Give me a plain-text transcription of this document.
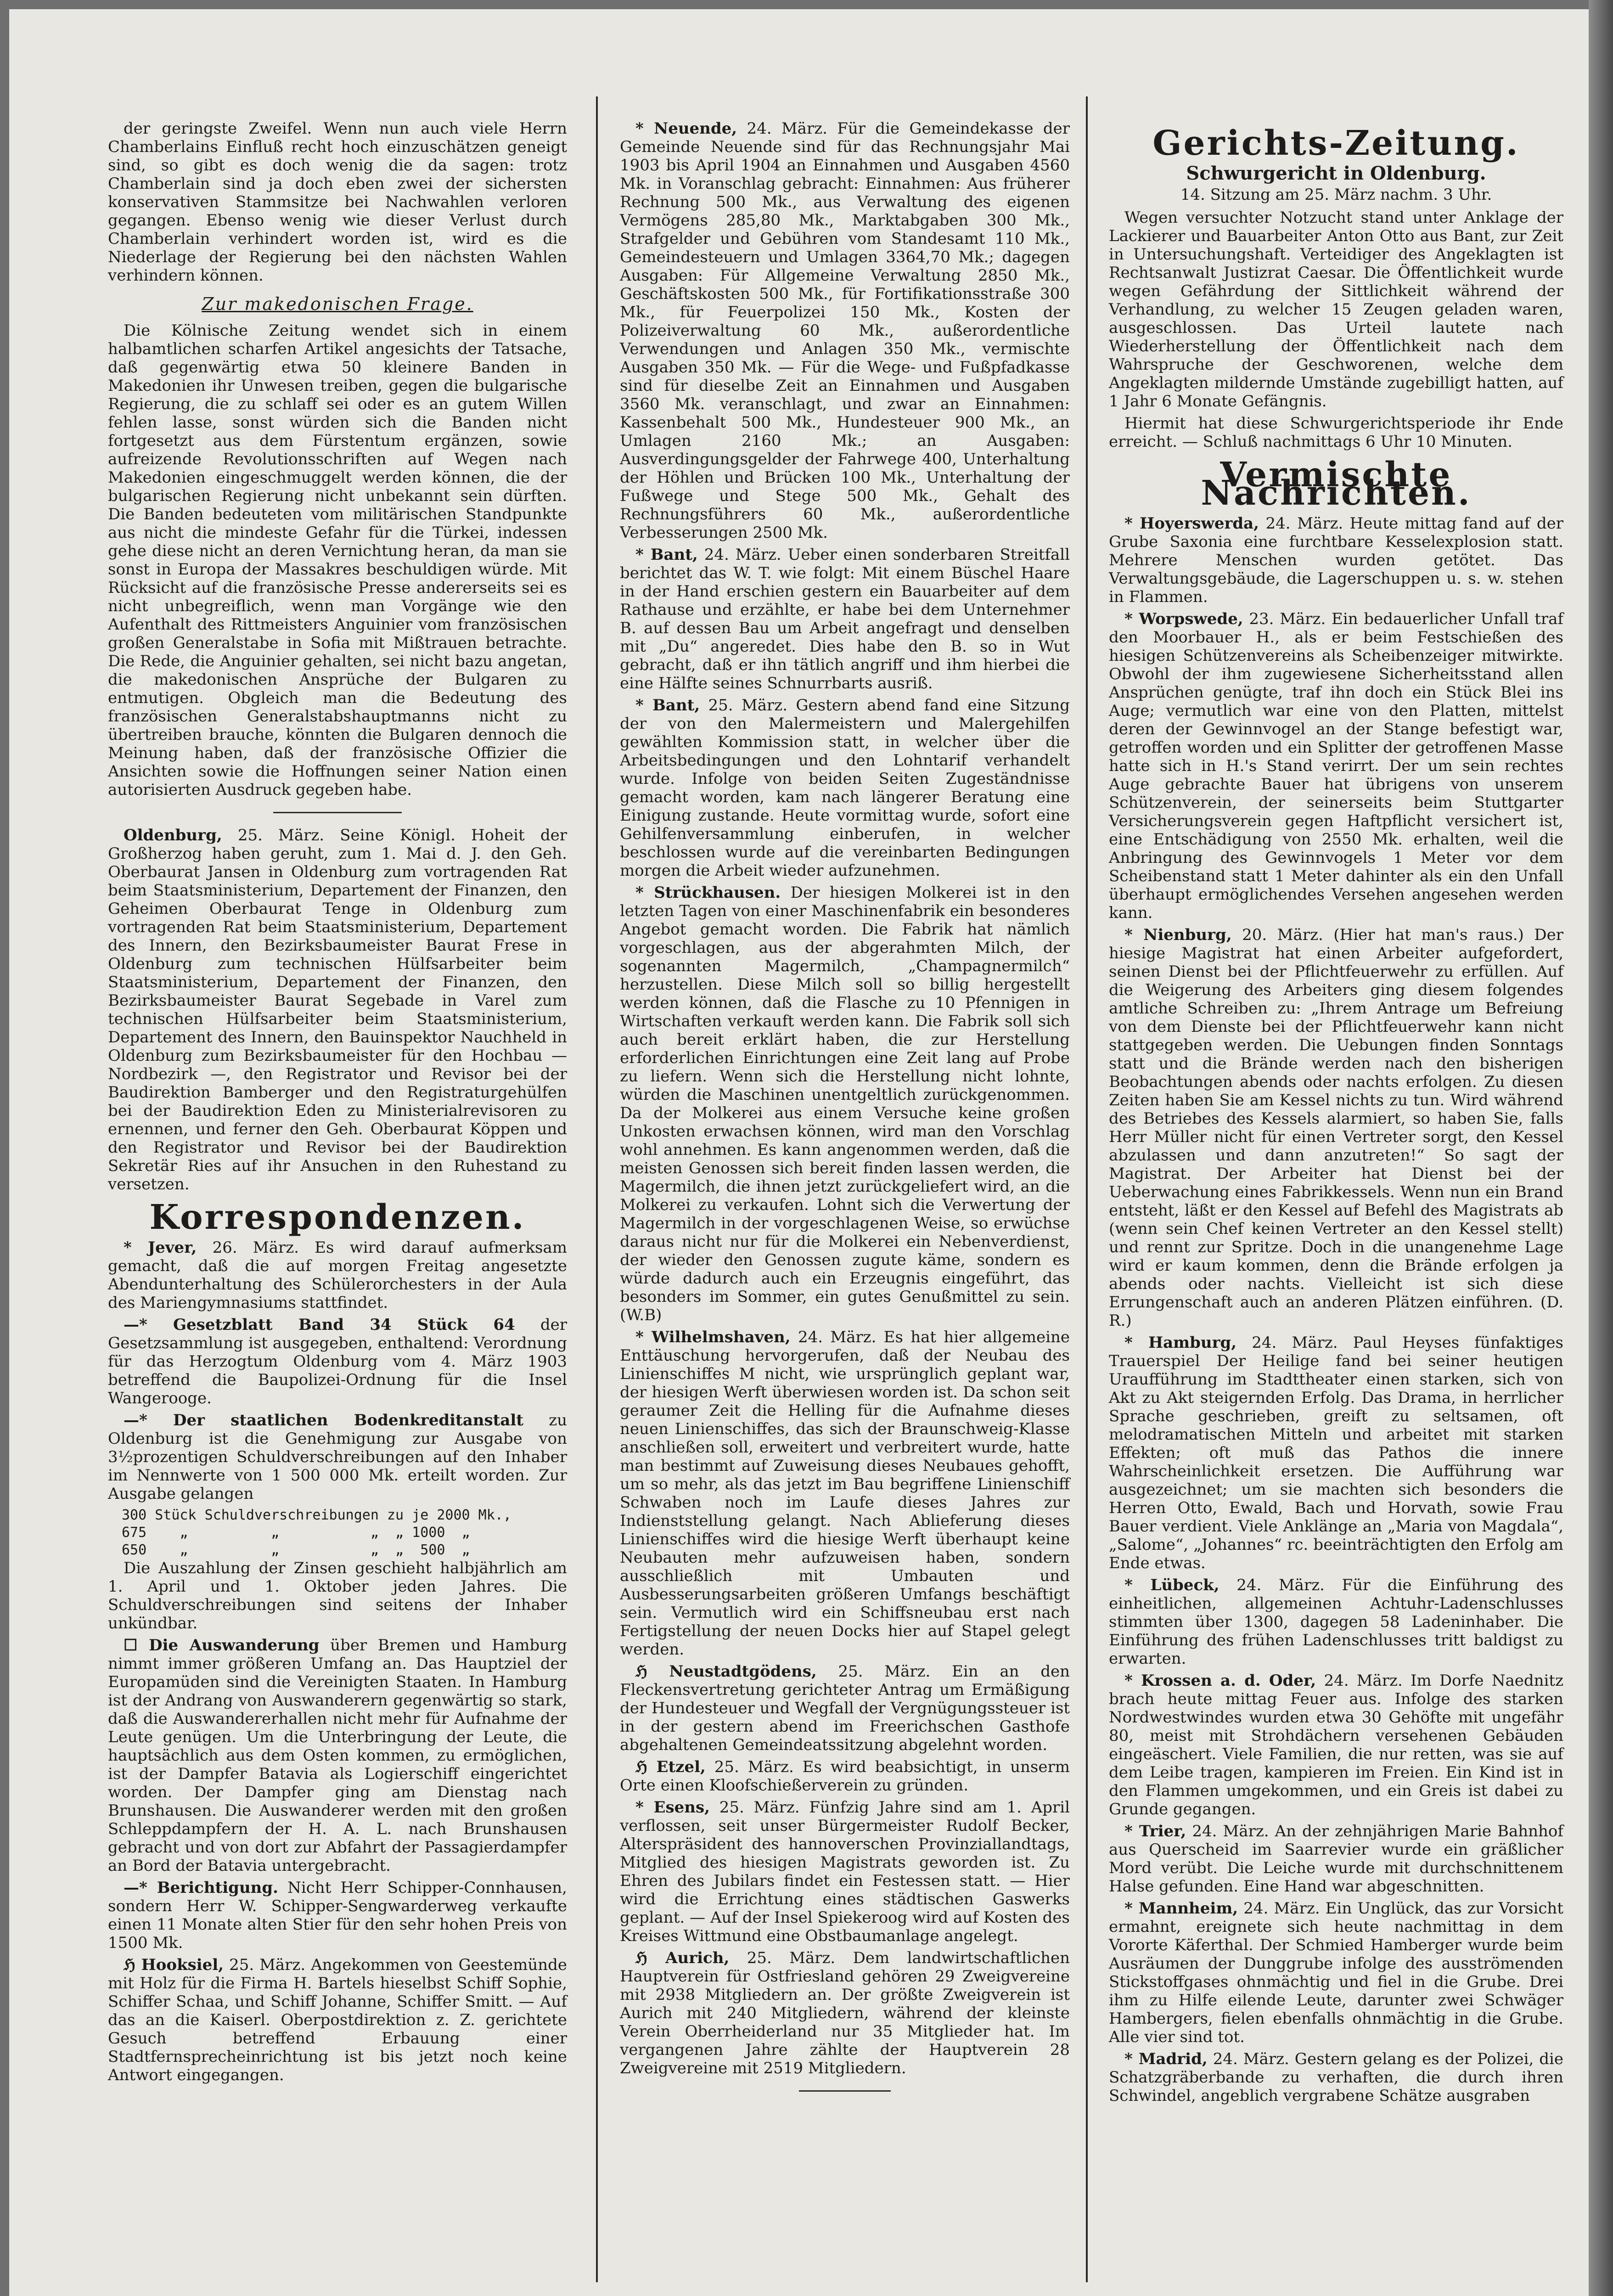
der geringste Zweifel. Wenn nun auch viele Herrn Chamberlains Einfluß recht hoch einzuschätzen geneigt sind, so gibt es doch wenig die da sagen: trotz Chamberlain sind ja doch eben zwei der sichersten konservativen Stammsitze bei Nachwahlen verloren gegangen. Ebenso wenig wie dieser Verlust durch Chamberlain verhindert worden ist, wird es die Niederlage der Regierung bei den nächsten Wahlen verhindern können.

Zur makedonischen Frage.

Die Kölnische Zeitung wendet sich in einem halbamtlichen scharfen Artikel angesichts der Tatsache, daß gegenwärtig etwa 50 kleinere Banden in Makedonien ihr Unwesen treiben, gegen die bulgarische Regierung, die zu schlaff sei oder es an gutem Willen fehlen lasse, sonst würden sich die Banden nicht fortgesetzt aus dem Fürstentum ergänzen, sowie aufreizende Revolutionsschriften auf Wegen nach Makedonien eingeschmuggelt werden können, die der bulgarischen Regierung nicht unbekannt sein dürften. Die Banden bedeuteten vom militärischen Standpunkte aus nicht die mindeste Gefahr für die Türkei, indessen gehe diese nicht an deren Vernichtung heran, da man sie sonst in Europa der Massakres beschuldigen würde. Mit Rücksicht auf die französische Presse andererseits sei es nicht unbegreiflich, wenn man Vorgänge wie den Aufenthalt des Rittmeisters Anguinier vom französischen großen Generalstabe in Sofia mit Mißtrauen betrachte. Die Rede, die Anguinier gehalten, sei nicht bazu angetan, die makedonischen Ansprüche der Bulgaren zu entmutigen. Obgleich man die Bedeutung des französischen Generalstabshauptmanns nicht zu übertreiben brauche, könnten die Bulgaren dennoch die Meinung haben, daß der französische Offizier die Ansichten sowie die Hoffnungen seiner Nation einen autorisierten Ausdruck gegeben habe.

Oldenburg, 25. März. Seine Königl. Hoheit der Großherzog haben geruht, zum 1. Mai d. J. den Geh. Oberbaurat Jansen in Oldenburg zum vortragenden Rat beim Staatsministerium, Departement der Finanzen, den Geheimen Oberbaurat Tenge in Oldenburg zum vortragenden Rat beim Staatsministerium, Departement des Innern, den Bezirksbaumeister Baurat Frese in Oldenburg zum technischen Hülfsarbeiter beim Staatsministerium, Departement der Finanzen, den Bezirksbaumeister Baurat Segebade in Varel zum technischen Hülfsarbeiter beim Staatsministerium, Departement des Innern, den Bauinspektor Nauchheld in Oldenburg zum Bezirksbaumeister für den Hochbau — Nordbezirk —, den Registrator und Revisor bei der Baudirektion Bamberger und den Registraturgehülfen bei der Baudirektion Eden zu Ministerialrevisoren zu ernennen, und ferner den Geh. Oberbaurat Köppen und den Registrator und Revisor bei der Baudirektion Sekretär Ries auf ihr Ansuchen in den Ruhestand zu versetzen.

Korrespondenzen.

* Jever, 26. März. Es wird darauf aufmerksam gemacht, daß die auf morgen Freitag angesetzte Abendunterhaltung des Schülerorchesters in der Aula des Mariengymnasiums stattfindet.

—* Gesetzblatt Band 34 Stück 64 der Gesetzsammlung ist ausgegeben, enthaltend: Verordnung für das Herzogtum Oldenburg vom 4. März 1903 betreffend die Baupolizei-Ordnung für die Insel Wangerooge.

—* Der staatlichen Bodenkreditanstalt zu Oldenburg ist die Genehmigung zur Ausgabe von 3½prozentigen Schuldverschreibungen auf den Inhaber im Nennwerte von 1 500 000 Mk. erteilt worden. Zur Ausgabe gelangen

300 Stück Schuldverschreibungen zu je 2000 Mk.,
675    „          „           „  „ 1000  „
650    „          „           „  „  500  „

Die Auszahlung der Zinsen geschieht halbjährlich am 1. April und 1. Oktober jeden Jahres. Die Schuldverschreibungen sind seitens der Inhaber unkündbar.

☐ Die Auswanderung über Bremen und Hamburg nimmt immer größeren Umfang an. Das Hauptziel der Europamüden sind die Vereinigten Staaten. In Hamburg ist der Andrang von Auswanderern gegenwärtig so stark, daß die Auswandererhallen nicht mehr für Aufnahme der Leute genügen. Um die Unterbringung der Leute, die hauptsächlich aus dem Osten kommen, zu ermöglichen, ist der Dampfer Batavia als Logierschiff eingerichtet worden. Der Dampfer ging am Dienstag nach Brunshausen. Die Auswanderer werden mit den großen Schleppdampfern der H. A. L. nach Brunshausen gebracht und von dort zur Abfahrt der Passagierdampfer an Bord der Batavia untergebracht.

—* Berichtigung. Nicht Herr Schipper-Connhausen, sondern Herr W. Schipper-Sengwarderweg verkaufte einen 11 Monate alten Stier für den sehr hohen Preis von 1500 Mk.

ℌ Hooksiel, 25. März. Angekommen von Geestemünde mit Holz für die Firma H. Bartels hieselbst Schiff Sophie, Schiffer Schaa, und Schiff Johanne, Schiffer Smitt. — Auf das an die Kaiserl. Oberpostdirektion z. Z. gerichtete Gesuch betreffend Erbauung einer Stadtfernsprecheinrichtung ist bis jetzt noch keine Antwort eingegangen.

* Neuende, 24. März. Für die Gemeindekasse der Gemeinde Neuende sind für das Rechnungsjahr Mai 1903 bis April 1904 an Einnahmen und Ausgaben 4560 Mk. in Voranschlag gebracht: Einnahmen: Aus früherer Rechnung 500 Mk., aus Verwaltung des eigenen Vermögens 285,80 Mk., Marktabgaben 300 Mk., Strafgelder und Gebühren vom Standesamt 110 Mk., Gemeindesteuern und Umlagen 3364,70 Mk.; dagegen Ausgaben: Für Allgemeine Verwaltung 2850 Mk., Geschäftskosten 500 Mk., für Fortifikationsstraße 300 Mk., für Feuerpolizei 150 Mk., Kosten der Polizeiverwaltung 60 Mk., außerordentliche Verwendungen und Anlagen 350 Mk., vermischte Ausgaben 350 Mk. — Für die Wege- und Fußpfadkasse sind für dieselbe Zeit an Einnahmen und Ausgaben 3560 Mk. veranschlagt, und zwar an Einnahmen: Kassenbehalt 500 Mk., Hundesteuer 900 Mk., an Umlagen 2160 Mk.; an Ausgaben: Ausverdingungsgelder der Fahrwege 400, Unterhaltung der Höhlen und Brücken 100 Mk., Unterhaltung der Fußwege und Stege 500 Mk., Gehalt des Rechnungsführers 60 Mk., außerordentliche Verbesserungen 2500 Mk.

* Bant, 24. März. Ueber einen sonderbaren Streitfall berichtet das W. T. wie folgt: Mit einem Büschel Haare in der Hand erschien gestern ein Bauarbeiter auf dem Rathause und erzählte, er habe bei dem Unternehmer B. auf dessen Bau um Arbeit angefragt und denselben mit „Du“ angeredet. Dies habe den B. so in Wut gebracht, daß er ihn tätlich angriff und ihm hierbei die eine Hälfte seines Schnurrbarts ausriß.

* Bant, 25. März. Gestern abend fand eine Sitzung der von den Malermeistern und Malergehilfen gewählten Kommission statt, in welcher über die Arbeitsbedingungen und den Lohntarif verhandelt wurde. Infolge von beiden Seiten Zugeständnisse gemacht worden, kam nach längerer Beratung eine Einigung zustande. Heute vormittag wurde, sofort eine Gehilfenversammlung einberufen, in welcher beschlossen wurde auf die vereinbarten Bedingungen morgen die Arbeit wieder aufzunehmen.

* Strückhausen. Der hiesigen Molkerei ist in den letzten Tagen von einer Maschinenfabrik ein besonderes Angebot gemacht worden. Die Fabrik hat nämlich vorgeschlagen, aus der abgerahmten Milch, der sogenannten Magermilch, „Champagnermilch“ herzustellen. Diese Milch soll so billig hergestellt werden können, daß die Flasche zu 10 Pfennigen in Wirtschaften verkauft werden kann. Die Fabrik soll sich auch bereit erklärt haben, die zur Herstellung erforderlichen Einrichtungen eine Zeit lang auf Probe zu liefern. Wenn sich die Herstellung nicht lohnte, würden die Maschinen unentgeltlich zurückgenommen. Da der Molkerei aus einem Versuche keine großen Unkosten erwachsen können, wird man den Vorschlag wohl annehmen. Es kann angenommen werden, daß die meisten Genossen sich bereit finden lassen werden, die Magermilch, die ihnen jetzt zurückgeliefert wird, an die Molkerei zu verkaufen. Lohnt sich die Verwertung der Magermilch in der vorgeschlagenen Weise, so erwüchse daraus nicht nur für die Molkerei ein Nebenverdienst, der wieder den Genossen zugute käme, sondern es würde dadurch auch ein Erzeugnis eingeführt, das besonders im Sommer, ein gutes Genußmittel zu sein. (W.B)

* Wilhelmshaven, 24. März. Es hat hier allgemeine Enttäuschung hervorgerufen, daß der Neubau des Linienschiffes M nicht, wie ursprünglich geplant war, der hiesigen Werft überwiesen worden ist. Da schon seit geraumer Zeit die Helling für die Aufnahme dieses neuen Linienschiffes, das sich der Braunschweig-Klasse anschließen soll, erweitert und verbreitert wurde, hatte man bestimmt auf Zuweisung dieses Neubaues gehofft, um so mehr, als das jetzt im Bau begriffene Linienschiff Schwaben noch im Laufe dieses Jahres zur Indienststellung gelangt. Nach Ablieferung dieses Linienschiffes wird die hiesige Werft überhaupt keine Neubauten mehr aufzuweisen haben, sondern ausschließlich mit Umbauten und Ausbesserungsarbeiten größeren Umfangs beschäftigt sein. Vermutlich wird ein Schiffsneubau erst nach Fertigstellung der neuen Docks hier auf Stapel gelegt werden.

ℌ Neustadtgödens, 25. März. Ein an den Fleckensvertretung gerichteter Antrag um Ermäßigung der Hundesteuer und Wegfall der Vergnügungssteuer ist in der gestern abend im Freerichschen Gasthofe abgehaltenen Gemeindeatssitzung abgelehnt worden.

ℌ Etzel, 25. März. Es wird beabsichtigt, in unserm Orte einen Kloofschießerverein zu gründen.

* Esens, 25. März. Fünfzig Jahre sind am 1. April verflossen, seit unser Bürgermeister Rudolf Becker, Alterspräsident des hannoverschen Provinziallandtags, Mitglied des hiesigen Magistrats geworden ist. Zu Ehren des Jubilars findet ein Festessen statt. — Hier wird die Errichtung eines städtischen Gaswerks geplant. — Auf der Insel Spiekeroog wird auf Kosten des Kreises Wittmund eine Obstbaumanlage angelegt.

ℌ Aurich, 25. März. Dem landwirtschaftlichen Hauptverein für Ostfriesland gehören 29 Zweigvereine mit 2938 Mitgliedern an. Der größte Zweigverein ist Aurich mit 240 Mitgliedern, während der kleinste Verein Oberrheiderland nur 35 Mitglieder hat. Im vergangenen Jahre zählte der Hauptverein 28 Zweigvereine mit 2519 Mitgliedern.

Gerichts-Zeitung.
Schwurgericht in Oldenburg.
14. Sitzung am 25. März nachm. 3 Uhr.

Wegen versuchter Notzucht stand unter Anklage der Lackierer und Bauarbeiter Anton Otto aus Bant, zur Zeit in Untersuchungshaft. Verteidiger des Angeklagten ist Rechtsanwalt Justizrat Caesar. Die Öffentlichkeit wurde wegen Gefährdung der Sittlichkeit während der Verhandlung, zu welcher 15 Zeugen geladen waren, ausgeschlossen. Das Urteil lautete nach Wiederherstellung der Öffentlichkeit nach dem Wahrspruche der Geschworenen, welche dem Angeklagten mildernde Umstände zugebilligt hatten, auf 1 Jahr 6 Monate Gefängnis.

Hiermit hat diese Schwurgerichtsperiode ihr Ende erreicht. — Schluß nachmittags 6 Uhr 10 Minuten.

Vermischte Nachrichten.

* Hoyerswerda, 24. März. Heute mittag fand auf der Grube Saxonia eine furchtbare Kesselexplosion statt. Mehrere Menschen wurden getötet. Das Verwaltungsgebäude, die Lagerschuppen u. s. w. stehen in Flammen.

* Worpswede, 23. März. Ein bedauerlicher Unfall traf den Moorbauer H., als er beim Festschießen des hiesigen Schützenvereins als Scheibenzeiger mitwirkte. Obwohl der ihm zugewiesene Sicherheitsstand allen Ansprüchen genügte, traf ihn doch ein Stück Blei ins Auge; vermutlich war eine von den Platten, mittelst deren der Gewinnvogel an der Stange befestigt war, getroffen worden und ein Splitter der getroffenen Masse hatte sich in H.'s Stand verirrt. Der um sein rechtes Auge gebrachte Bauer hat übrigens von unserem Schützenverein, der seinerseits beim Stuttgarter Versicherungsverein gegen Haftpflicht versichert ist, eine Entschädigung von 2550 Mk. erhalten, weil die Anbringung des Gewinnvogels 1 Meter vor dem Scheibenstand statt 1 Meter dahinter als ein den Unfall überhaupt ermöglichendes Versehen angesehen werden kann.

* Nienburg, 20. März. (Hier hat man's raus.) Der hiesige Magistrat hat einen Arbeiter aufgefordert, seinen Dienst bei der Pflichtfeuerwehr zu erfüllen. Auf die Weigerung des Arbeiters ging diesem folgendes amtliche Schreiben zu: „Ihrem Antrage um Befreiung von dem Dienste bei der Pflichtfeuerwehr kann nicht stattgegeben werden. Die Uebungen finden Sonntags statt und die Brände werden nach den bisherigen Beobachtungen abends oder nachts erfolgen. Zu diesen Zeiten haben Sie am Kessel nichts zu tun. Wird während des Betriebes des Kessels alarmiert, so haben Sie, falls Herr Müller nicht für einen Vertreter sorgt, den Kessel abzulassen und dann anzutreten!“ So sagt der Magistrat. Der Arbeiter hat Dienst bei der Ueberwachung eines Fabrikkessels. Wenn nun ein Brand entsteht, läßt er den Kessel auf Befehl des Magistrats ab (wenn sein Chef keinen Vertreter an den Kessel stellt) und rennt zur Spritze. Doch in die unangenehme Lage wird er kaum kommen, denn die Brände erfolgen ja abends oder nachts. Vielleicht ist sich diese Errungenschaft auch an anderen Plätzen einführen. (D. R.)

* Hamburg, 24. März. Paul Heyses fünfaktiges Trauerspiel Der Heilige fand bei seiner heutigen Uraufführung im Stadttheater einen starken, sich von Akt zu Akt steigernden Erfolg. Das Drama, in herrlicher Sprache geschrieben, greift zu seltsamen, oft melodramatischen Mitteln und arbeitet mit starken Effekten; oft muß das Pathos die innere Wahrscheinlichkeit ersetzen. Die Aufführung war ausgezeichnet; um sie machten sich besonders die Herren Otto, Ewald, Bach und Horvath, sowie Frau Bauer verdient. Viele Anklänge an „Maria von Magdala“, „Salome“, „Johannes“ rc. beeinträchtigten den Erfolg am Ende etwas.

* Lübeck, 24. März. Für die Einführung des einheitlichen, allgemeinen Achtuhr-Ladenschlusses stimmten über 1300, dagegen 58 Ladeninhaber. Die Einführung des frühen Ladenschlusses tritt baldigst zu erwarten.

* Krossen a. d. Oder, 24. März. Im Dorfe Naednitz brach heute mittag Feuer aus. Infolge des starken Nordwestwindes wurden etwa 30 Gehöfte mit ungefähr 80, meist mit Strohdächern versehenen Gebäuden eingeäschert. Viele Familien, die nur retten, was sie auf dem Leibe tragen, kampieren im Freien. Ein Kind ist in den Flammen umgekommen, und ein Greis ist dabei zu Grunde gegangen.

* Trier, 24. März. An der zehnjährigen Marie Bahnhof aus Querscheid im Saarrevier wurde ein gräßlicher Mord verübt. Die Leiche wurde mit durchschnittenem Halse gefunden. Eine Hand war abgeschnitten.

* Mannheim, 24. März. Ein Unglück, das zur Vorsicht ermahnt, ereignete sich heute nachmittag in dem Vororte Käferthal. Der Schmied Hamberger wurde beim Ausräumen der Dunggrube infolge des ausströmenden Stickstoffgases ohnmächtig und fiel in die Grube. Drei ihm zu Hilfe eilende Leute, darunter zwei Schwäger Hambergers, fielen ebenfalls ohnmächtig in die Grube. Alle vier sind tot.

* Madrid, 24. März. Gestern gelang es der Polizei, die Schatzgräberbande zu verhaften, die durch ihren Schwindel, angeblich vergrabene Schätze ausgraben
